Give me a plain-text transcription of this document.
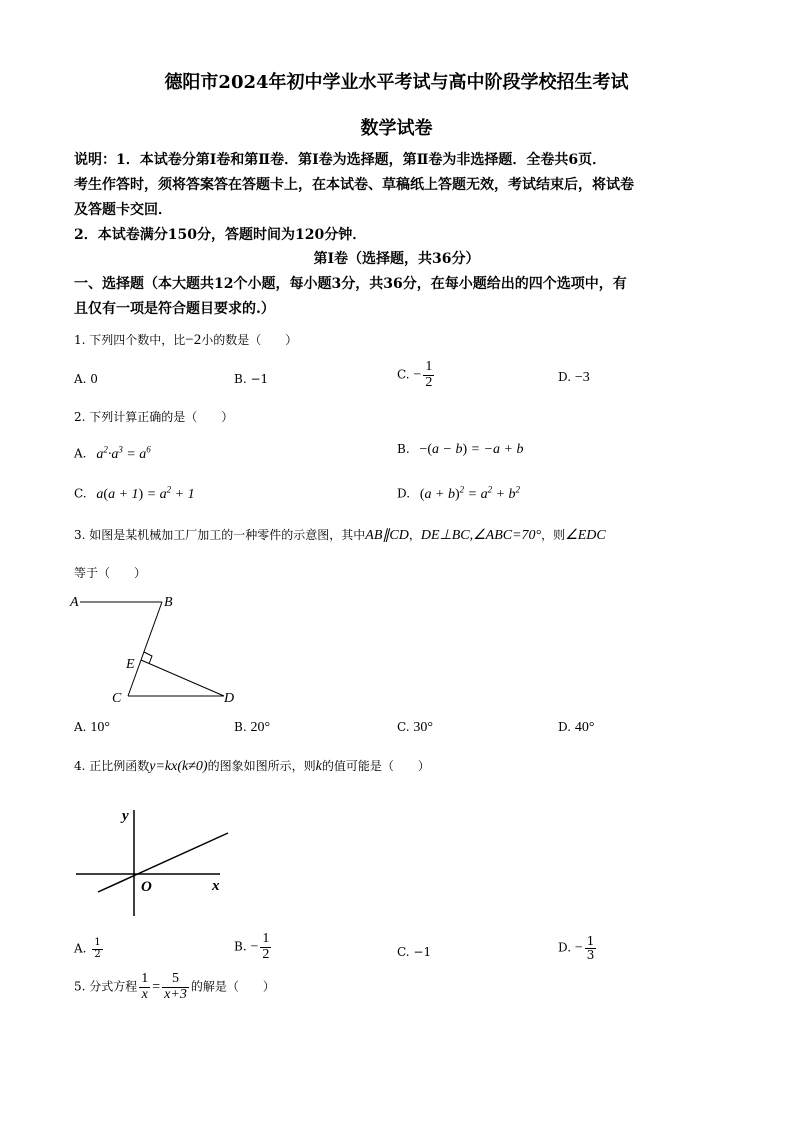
德阳市2024年初中学业水平考试与高中阶段学校招生考试
数学试卷
说明：1．本试卷分第Ⅰ卷和第Ⅱ卷．第Ⅰ卷为选择题，第Ⅱ卷为非选择题．全卷共6页．
考生作答时，须将答案答在答题卡上，在本试卷、草稿纸上答题无效，考试结束后，将试卷
及答题卡交回．
2．本试卷满分150分，答题时间为120分钟．
第Ⅰ卷（选择题，共36分）
一、选择题（本大题共12个小题，每小题3分，共36分，在每小题给出的四个选项中，有
且仅有一项是符合题目要求的.）
1. 下列四个数中，比−2小的数是（　　）
A. 0	B. −1	C. − $\frac{1}{2}$	D. −3
2. 下列计算正确的是（　　）
A. $a^2\cdot a^3 = a^6$	B. −(a − b) = −a + b
C. $a(a + 1) = a^2 + 1$	D. $(a + b)^2 = a^2 + b^2$
3. 如图是某机械加工厂加工的一种零件的示意图，其中AB∥CD，DE⊥BC,∠ABC=70°，则∠EDC
等于（　　）
A	B
E
C	D
A. 10°	B. 20°	C. 30°	D. 40°
4. 正比例函数y=kx(k≠0)的图象如图所示，则k的值可能是（　　）
y
x
O
A. $\frac{1}{2}$	B. − $\frac{1}{2}$	C. −1	D. − $\frac{1}{3}$
5. 分式方程 $\frac{1}{x} = \frac{5}{x+3}$ 的解是（　　）
